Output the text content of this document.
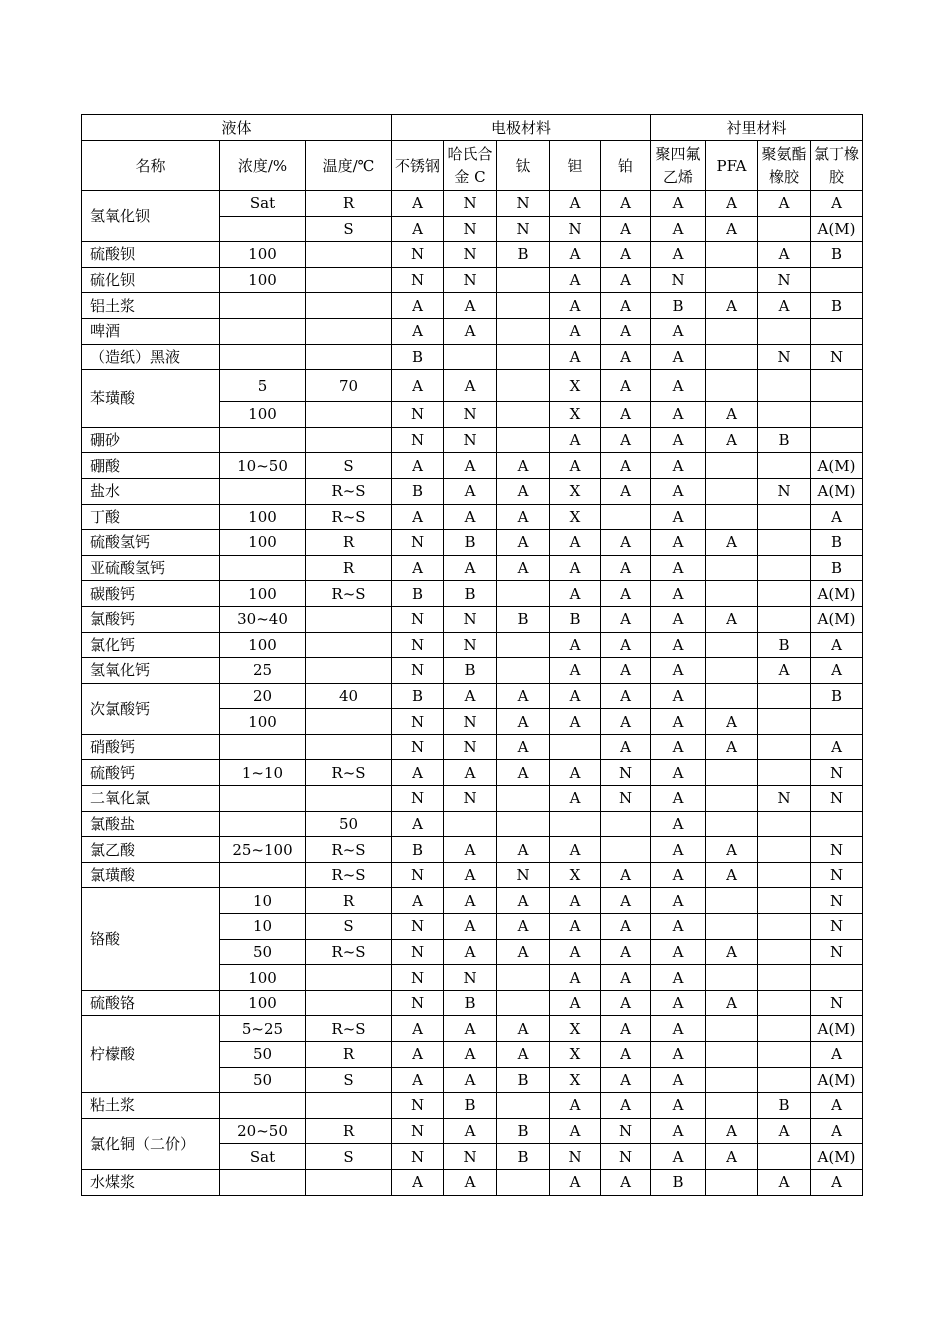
液体			电极材料					衬里材料			
名称	浓度/%	温度/℃	不锈钢	哈氏合金 C	钛	钽	铂	聚四氟乙烯	PFA	聚氨酯橡胶	氯丁橡胶
氢氧化钡	Sat	R	A	N	N	A	A	A	A	A	A
		S	A	N	N	N	A	A	A		A(M)
硫酸钡	100		N	N	B	A	A	A		A	B
硫化钡	100		N	N		A	A	N		N	
铝土浆			A	A		A	A	B	A	A	B
啤酒			A	A		A	A	A			
（造纸）黑液			B			A	A	A		N	N
苯璜酸	5	70	A	A		X	A	A			
	100		N	N		X	A	A	A		
硼砂			N	N		A	A	A	A	B	
硼酸	10~50	S	A	A	A	A	A	A			A(M)
盐水		R~S	B	A	A	X	A	A		N	A(M)
丁酸	100	R~S	A	A	A	X		A			A
硫酸氢钙	100	R	N	B	A	A	A	A	A		B
亚硫酸氢钙		R	A	A	A	A	A	A			B
碳酸钙	100	R~S	B	B		A	A	A			A(M)
氯酸钙	30~40		N	N	B	B	A	A	A		A(M)
氯化钙	100		N	N		A	A	A		B	A
氢氧化钙	25		N	B		A	A	A		A	A
次氯酸钙	20	40	B	A	A	A	A	A			B
	100		N	N	A	A	A	A	A		
硝酸钙			N	N	A		A	A	A		A
硫酸钙	1~10	R~S	A	A	A	A	N	A			N
二氧化氯			N	N		A	N	A		N	N
氯酸盐		50	A					A			
氯乙酸	25~100	R~S	B	A	A	A		A	A		N
氯璜酸		R~S	N	A	N	X	A	A	A		N
铬酸	10	R	A	A	A	A	A	A			N
	10	S	N	A	A	A	A	A			N
	50	R~S	N	A	A	A	A	A	A		N
	100		N	N		A	A	A			
硫酸铬	100		N	B		A	A	A	A		N
柠檬酸	5~25	R~S	A	A	A	X	A	A			A(M)
	50	R	A	A	A	X	A	A			A
	50	S	A	A	B	X	A	A			A(M)
粘土浆			N	B		A	A	A		B	A
氯化铜（二价）	20~50	R	N	A	B	A	N	A	A	A	A
	Sat	S	N	N	B	N	N	A	A		A(M)
水煤浆			A	A		A	A	B		A	A
